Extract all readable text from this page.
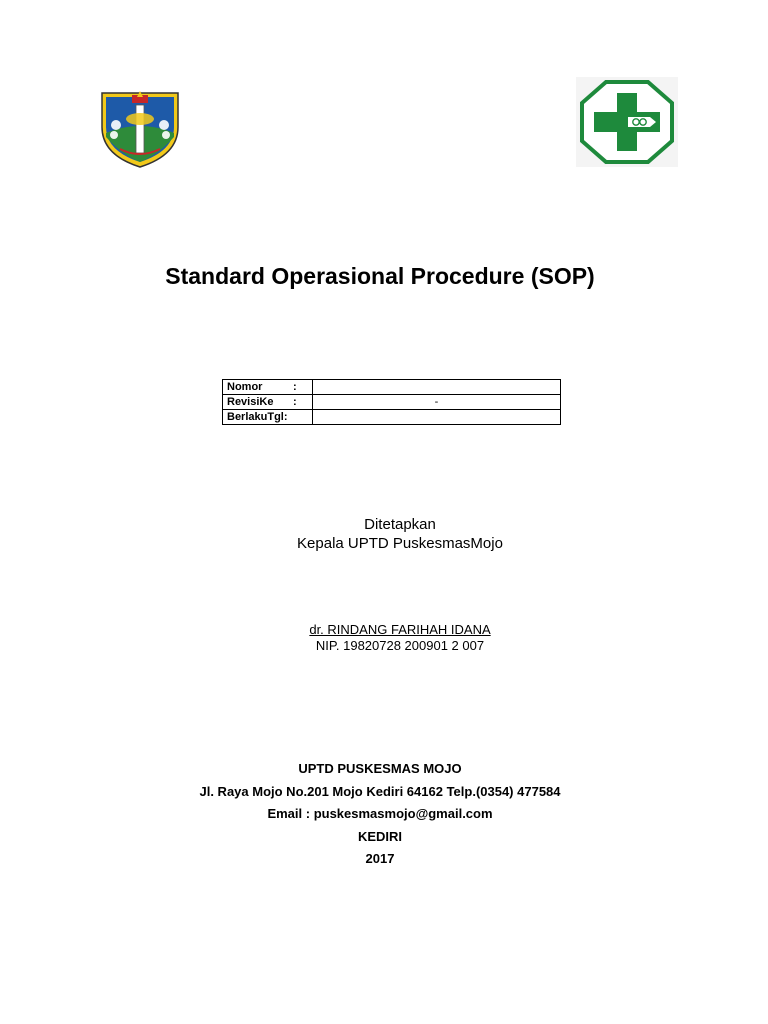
Standard Operasional Procedure (SOP)
Nomor :	
RevisiKe :	-
BerlakuTgl:	
Ditetapkan
Kepala UPTD PuskesmasMojo
dr. RINDANG FARIHAH IDANA
NIP. 19820728 200901 2 007
UPTD PUSKESMAS MOJO
Jl. Raya Mojo No.201 Mojo Kediri 64162 Telp.(0354) 477584
Email : puskesmasmojo@gmail.com
KEDIRI
2017
